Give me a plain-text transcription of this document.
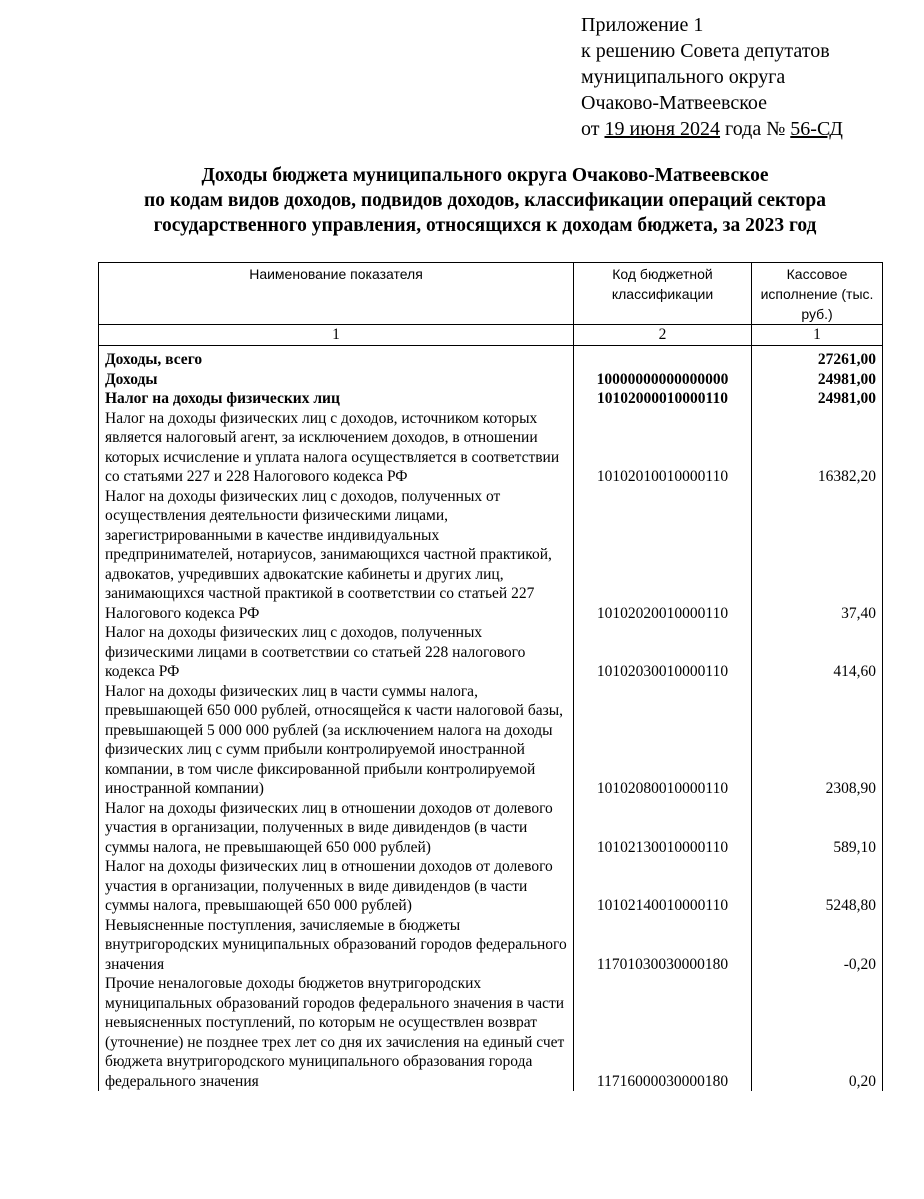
Приложение 1
к решению Совета депутатов
муниципального округа
Очаково-Матвеевское
от 19 июня 2024 года № 56-СД
Доходы бюджета муниципального округа Очаково-Матвеевское
по кодам видов доходов, подвидов доходов, классификации операций сектора
государственного управления, относящихся к доходам бюджета, за 2023 год
Наименование показателя	Код бюджетной классификации	Кассовое исполнение (тыс. руб.)
1	2	1
Доходы, всего		27261,00
Доходы	10000000000000000	24981,00
Налог на доходы физических лиц	10102000010000110	24981,00
Налог на доходы физических лиц с доходов, источником которых является налоговый агент, за исключением доходов, в отношении которых исчисление и уплата налога осуществляется в соответствии со статьями 227 и 228 Налогового кодекса РФ	10102010010000110	16382,20
Налог на доходы физических лиц с доходов, полученных от осуществления деятельности физическими лицами, зарегистрированными в качестве индивидуальных предпринимателей, нотариусов, занимающихся частной практикой, адвокатов, учредивших адвокатские кабинеты и других лиц, занимающихся частной практикой в соответствии со статьей 227 Налогового кодекса РФ	10102020010000110	37,40
Налог на доходы физических лиц с доходов, полученных физическими лицами в соответствии со статьей 228 налогового кодекса РФ	10102030010000110	414,60
Налог на доходы физических лиц в части суммы налога, превышающей 650 000 рублей, относящейся к части налоговой базы, превышающей 5 000 000 рублей (за исключением налога на доходы физических лиц с сумм прибыли контролируемой иностранной компании, в том числе фиксированной прибыли контролируемой иностранной компании)	10102080010000110	2308,90
Налог на доходы физических лиц в отношении доходов от долевого участия в организации, полученных в виде дивидендов (в части суммы налога, не превышающей 650 000 рублей)	10102130010000110	589,10
Налог на доходы физических лиц в отношении доходов от долевого участия в организации, полученных в виде дивидендов (в части суммы налога, превышающей 650 000 рублей)	10102140010000110	5248,80
Невыясненные поступления, зачисляемые в бюджеты внутригородских муниципальных образований городов федерального значения	11701030030000180	-0,20
Прочие неналоговые доходы бюджетов внутригородских муниципальных образований городов федерального значения в части невыясненных поступлений, по которым не осуществлен возврат (уточнение) не позднее трех лет со дня их зачисления на единый счет бюджета внутригородского муниципального образования города федерального значения	11716000030000180	0,20
